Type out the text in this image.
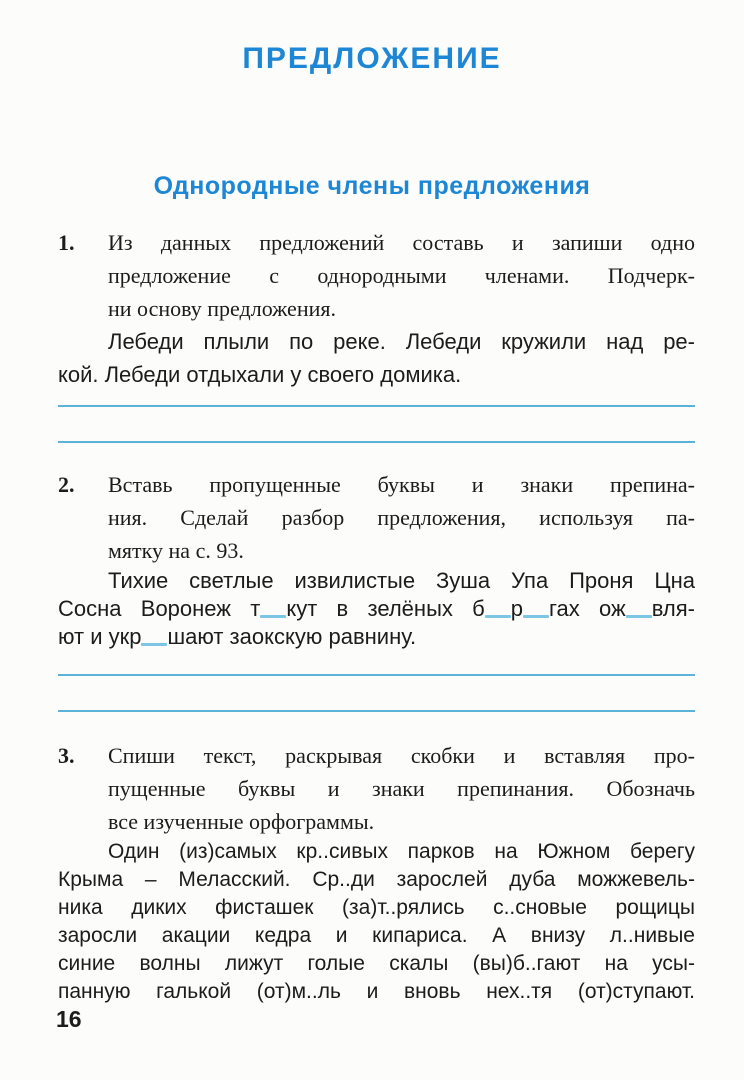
ПРЕДЛОЖЕНИЕ
Однородные члены предложения
1. Из данных предложений составь и запиши одно
предложение с однородными членами. Подчерк-
ни основу предложения.
Лебеди плыли по реке. Лебеди кружили над ре-
кой. Лебеди отдыхали у своего домика.
2. Вставь пропущенные буквы и знаки препина-
ния. Сделай разбор предложения, используя па-
мятку на с. 93.
Тихие светлые извилистые Зуша Упа Проня Цна
Сосна Воронеж т кут в зелёных б р гах ож вля-
ют и укр шают заокскую равнину.
3. Спиши текст, раскрывая скобки и вставляя про-
пущенные буквы и знаки препинания. Обозначь
все изученные орфограммы.
Один (из)самых кр..сивых парков на Южном берегу
Крыма – Меласский. Ср..ди зарослей дуба можжевель-
ника диких фисташек (за)т..рялись с..сновые рощицы
заросли акации кедра и кипариса. А внизу л..нивые
синие волны лижут голые скалы (вы)б..гают на усы-
панную галькой (от)м..ль и вновь нех..тя (от)ступают.
16
